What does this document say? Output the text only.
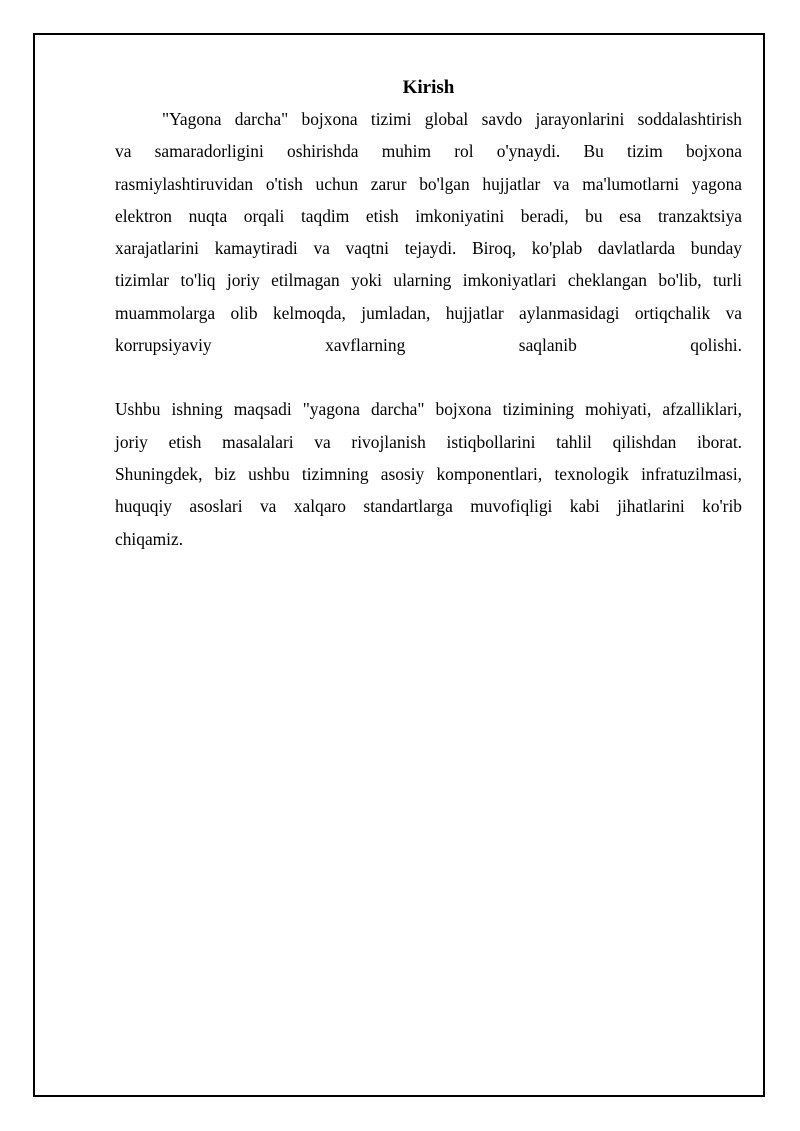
Kirish
"Yagona darcha" bojxona tizimi global savdo jarayonlarini soddalashtirish
va samaradorligini oshirishda muhim rol o'ynaydi. Bu tizim bojxona
rasmiylashtiruvidan o'tish uchun zarur bo'lgan hujjatlar va ma'lumotlarni yagona
elektron nuqta orqali taqdim etish imkoniyatini beradi, bu esa tranzaktsiya
xarajatlarini kamaytiradi va vaqtni tejaydi. Biroq, ko'plab davlatlarda bunday
tizimlar to'liq joriy etilmagan yoki ularning imkoniyatlari cheklangan bo'lib, turli
muammolarga olib kelmoqda, jumladan, hujjatlar aylanmasidagi ortiqchalik va
korrupsiyaviy xavflarning saqlanib qolishi.
Ushbu ishning maqsadi "yagona darcha" bojxona tizimining mohiyati, afzalliklari,
joriy etish masalalari va rivojlanish istiqbollarini tahlil qilishdan iborat.
Shuningdek, biz ushbu tizimning asosiy komponentlari, texnologik infratuzilmasi,
huquqiy asoslari va xalqaro standartlarga muvofiqligi kabi jihatlarini ko'rib
chiqamiz.
